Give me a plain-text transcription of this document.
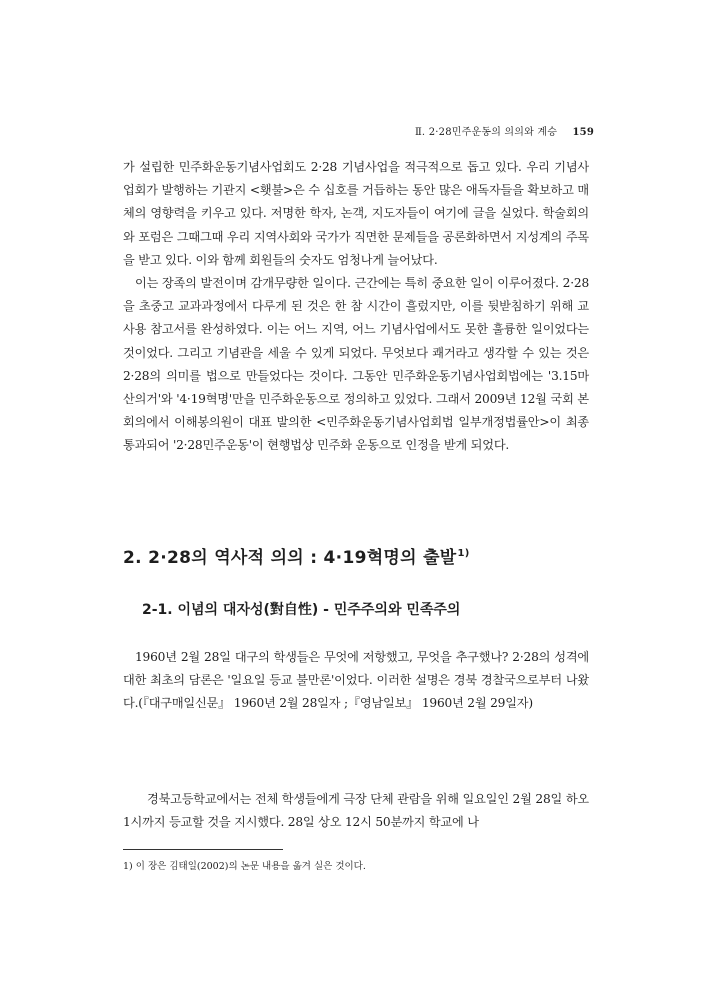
Ⅱ. 2·28민주운동의 의의와 계승 159

가 설립한 민주화운동기념사업회도 2·28 기념사업을 적극적으로 돕고 있다. 우리 기념사업회가 발행하는 기관지 <횃불>은 수 십호를 거듭하는 동안 많은 애독자들을 확보하고 매체의 영향력을 키우고 있다. 저명한 학자, 논객, 지도자들이 여기에 글을 실었다. 학술회의와 포럼은 그때그때 우리 지역사회와 국가가 직면한 문제들을 공론화하면서 지성계의 주목을 받고 있다. 이와 함께 회원들의 숫자도 엄청나게 늘어났다.

이는 장족의 발전이며 감개무량한 일이다. 근간에는 특히 중요한 일이 이루어졌다. 2·28을 초중고 교과과정에서 다루게 된 것은 한 참 시간이 흘렀지만, 이를 뒷받침하기 위해 교사용 참고서를 완성하였다. 이는 어느 지역, 어느 기념사업에서도 못한 훌륭한 일이었다는 것이었다. 그리고 기념관을 세울 수 있게 되었다. 무엇보다 쾌거라고 생각할 수 있는 것은 2·28의 의미를 법으로 만들었다는 것이다. 그동안 민주화운동기념사업회법에는 '3.15마산의거'와 '4·19혁명'만을 민주화운동으로 정의하고 있었다. 그래서 2009년 12월 국회 본 회의에서 이해봉의원이 대표 발의한 <민주화운동기념사업회법 일부개정법률안>이 최종 통과되어 '2·28민주운동'이 현행법상 민주화 운동으로 인정을 받게 되었다.

2. 2·28의 역사적 의의 : 4·19혁명의 출발$^{1)}$
2-1. 이념의 대자성(對自性) - 민주주의와 민족주의

1960년 2월 28일 대구의 학생들은 무엇에 저항했고, 무엇을 추구했나? 2·28의 성격에 대한 최초의 담론은 '일요일 등교 불만론'이었다. 이러한 설명은 경북 경찰국으로부터 나왔다.(『대구매일신문』 1960년 2월 28일자 ;『영남일보』 1960년 2월 29일자)

경북고등학교에서는 전체 학생들에게 극장 단체 관람을 위해 일요일인 2월 28일 하오 1시까지 등교할 것을 지시했다. 28일 상오 12시 50분까지 학교에 나

1) 이 장은 김태일(2002)의 논문 내용을 옮겨 실은 것이다.
